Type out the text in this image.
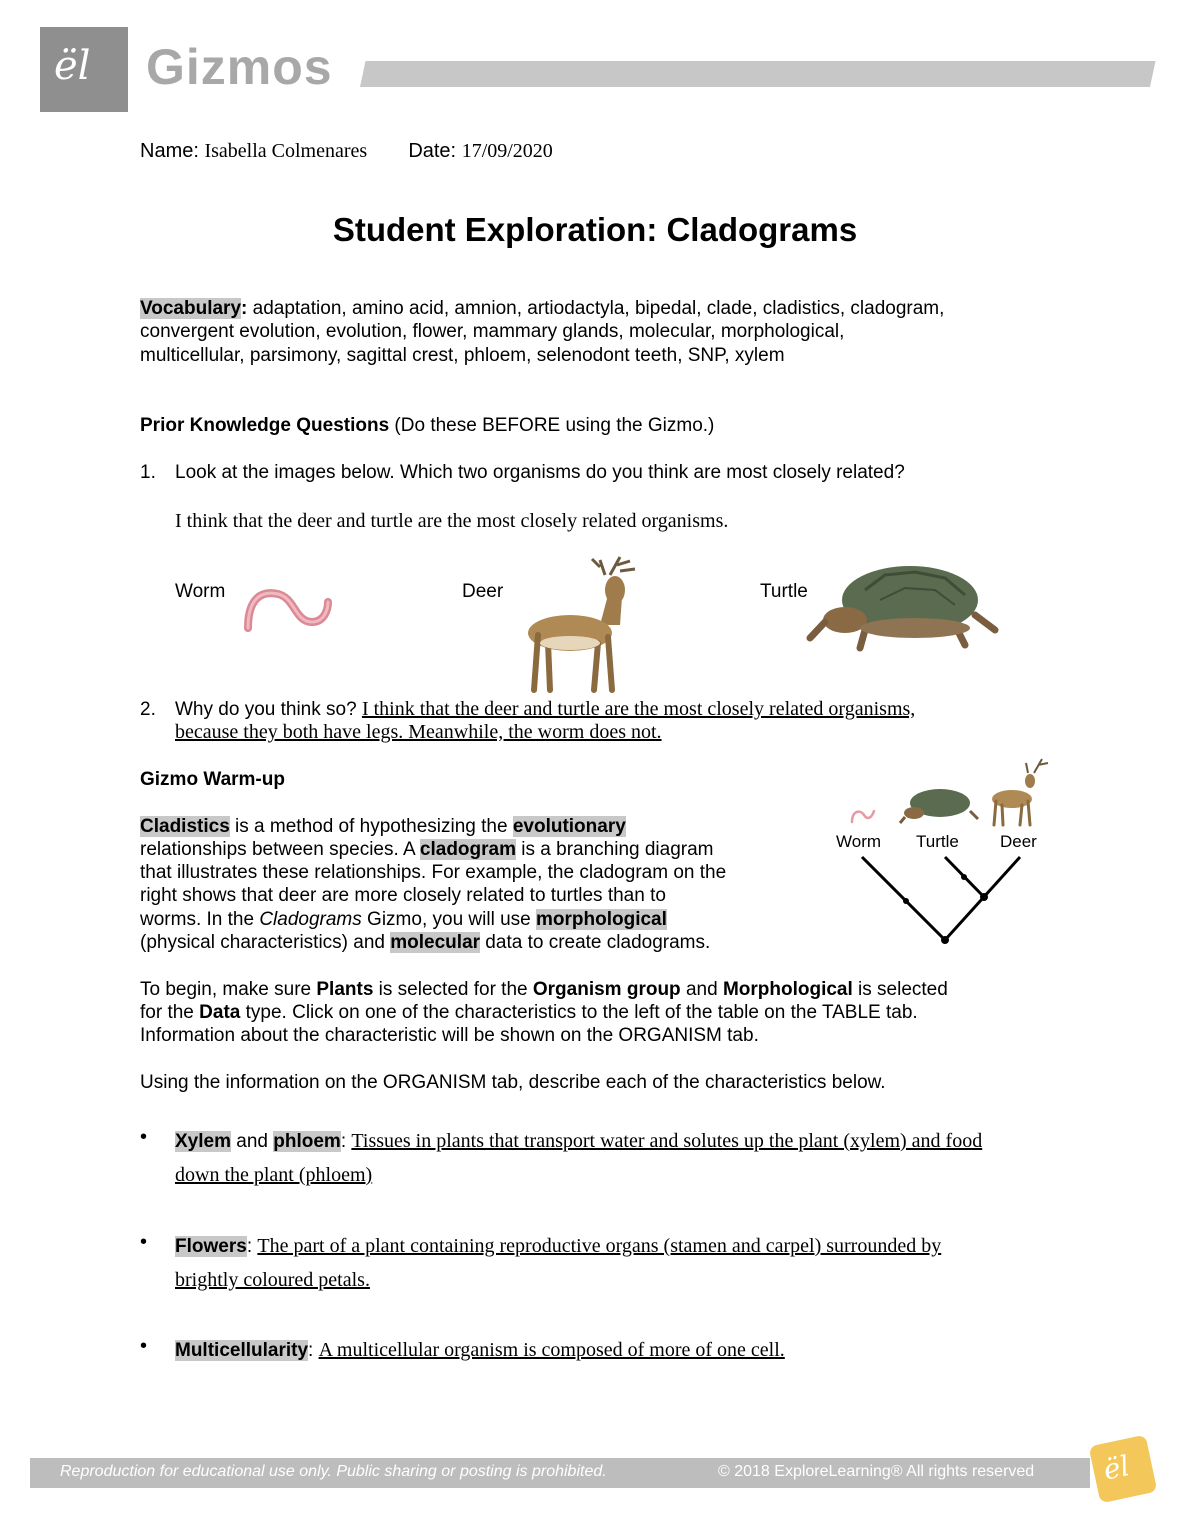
ël Gizmos
Name: Isabella Colmenares Date: 17/09/2020
Student Exploration: Cladograms
Vocabulary: adaptation, amino acid, amnion, artiodactyla, bipedal, clade, cladistics, cladogram,
convergent evolution, evolution, flower, mammary glands, molecular, morphological,
multicellular, parsimony, sagittal crest, phloem, selenodont teeth, SNP, xylem
Prior Knowledge Questions (Do these BEFORE using the Gizmo.)
1. Look at the images below. Which two organisms do you think are most closely related?
I think that the deer and turtle are the most closely related organisms.
Worm	Deer	Turtle
2. Why do you think so? I think that the deer and turtle are the most closely related organisms,
because they both have legs. Meanwhile, the worm does not.
Gizmo Warm-up
Cladistics is a method of hypothesizing the evolutionary
relationships between species. A cladogram is a branching diagram
that illustrates these relationships. For example, the cladogram on the
right shows that deer are more closely related to turtles than to
worms. In the Cladograms Gizmo, you will use morphological
(physical characteristics) and molecular data to create cladograms.
Worm Turtle Deer
To begin, make sure Plants is selected for the Organism group and Morphological is selected
for the Data type. Click on one of the characteristics to the left of the table on the TABLE tab.
Information about the characteristic will be shown on the ORGANISM tab.
Using the information on the ORGANISM tab, describe each of the characteristics below.
• Xylem and phloem: Tissues in plants that transport water and solutes up the plant (xylem) and food
down the plant (phloem)
• Flowers: The part of a plant containing reproductive organs (stamen and carpel) surrounded by
brightly coloured petals.
• Multicellularity: A multicellular organism is composed of more of one cell.
Reproduction for educational use only. Public sharing or posting is prohibited.	© 2018 ExploreLearning® All rights reserved ël
